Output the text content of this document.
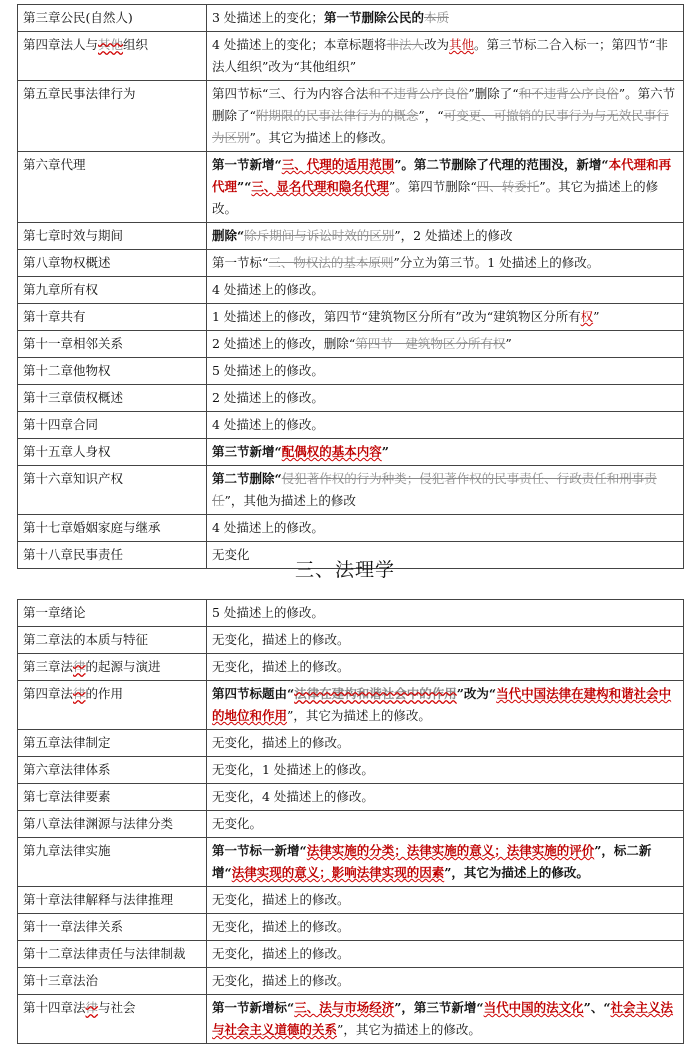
第三章公民(自然人)	3 处描述上的变化；第一节删除公民的本质
第四章法人与其他组织	4 处描述上的变化；本章标题将非法人改为其他。第三节标二合入标一；第四节“非法人组织”改为“其他组织”
第五章民事法律行为	第四节标“三、行为内容合法和不违背公序良俗”删除了“和不违背公序良俗”。第六节删除了“附期限的民事法律行为的概念”，“可变更、可撤销的民事行为与无效民事行为区别”。其它为描述上的修改。
第六章代理	第一节新增“三、代理的适用范围”。第二节删除了代理的范围没，新增“本代理和再代理”“三、显名代理和隐名代理”。第四节删除“四、转委托”。其它为描述上的修改。
第七章时效与期间	删除“除斥期间与诉讼时效的区别”，2 处描述上的修改
第八章物权概述	第一节标“三、物权法的基本原则”分立为第三节。1 处描述上的修改。
第九章所有权	4 处描述上的修改。
第十章共有	1 处描述上的修改，第四节“建筑物区分所有”改为“建筑物区分所有权”
第十一章相邻关系	2 处描述上的修改，删除“第四节　建筑物区分所有权”
第十二章他物权	5 处描述上的修改。
第十三章债权概述	2 处描述上的修改。
第十四章合同	4 处描述上的修改。
第十五章人身权	第三节新增“配偶权的基本内容”
第十六章知识产权	第二节删除“侵犯著作权的行为种类；侵犯著作权的民事责任、行政责任和刑事责任”，其他为描述上的修改
第十七章婚姻家庭与继承	4 处描述上的修改。
第十八章民事责任	无变化
三、法理学
第一章绪论	5 处描述上的修改。
第二章法的本质与特征	无变化，描述上的修改。
第三章法律的起源与演进	无变化，描述上的修改。
第四章法律的作用	第四节标题由“法律在建构和谐社会中的作用”改为“当代中国法律在建构和谐社会中的地位和作用”，其它为描述上的修改。
第五章法律制定	无变化，描述上的修改。
第六章法律体系	无变化，1 处描述上的修改。
第七章法律要素	无变化，4 处描述上的修改。
第八章法律渊源与法律分类	无变化。
第九章法律实施	第一节标一新增“法律实施的分类；法律实施的意义；法律实施的评价”，标二新增“法律实现的意义；影响法律实现的因素”，其它为描述上的修改。
第十章法律解释与法律推理	无变化，描述上的修改。
第十一章法律关系	无变化，描述上的修改。
第十二章法律责任与法律制裁	无变化，描述上的修改。
第十三章法治	无变化，描述上的修改。
第十四章法律与社会	第一节新增标“三、法与市场经济”，第三节新增“当代中国的法文化”、“社会主义法与社会主义道德的关系”，其它为描述上的修改。
